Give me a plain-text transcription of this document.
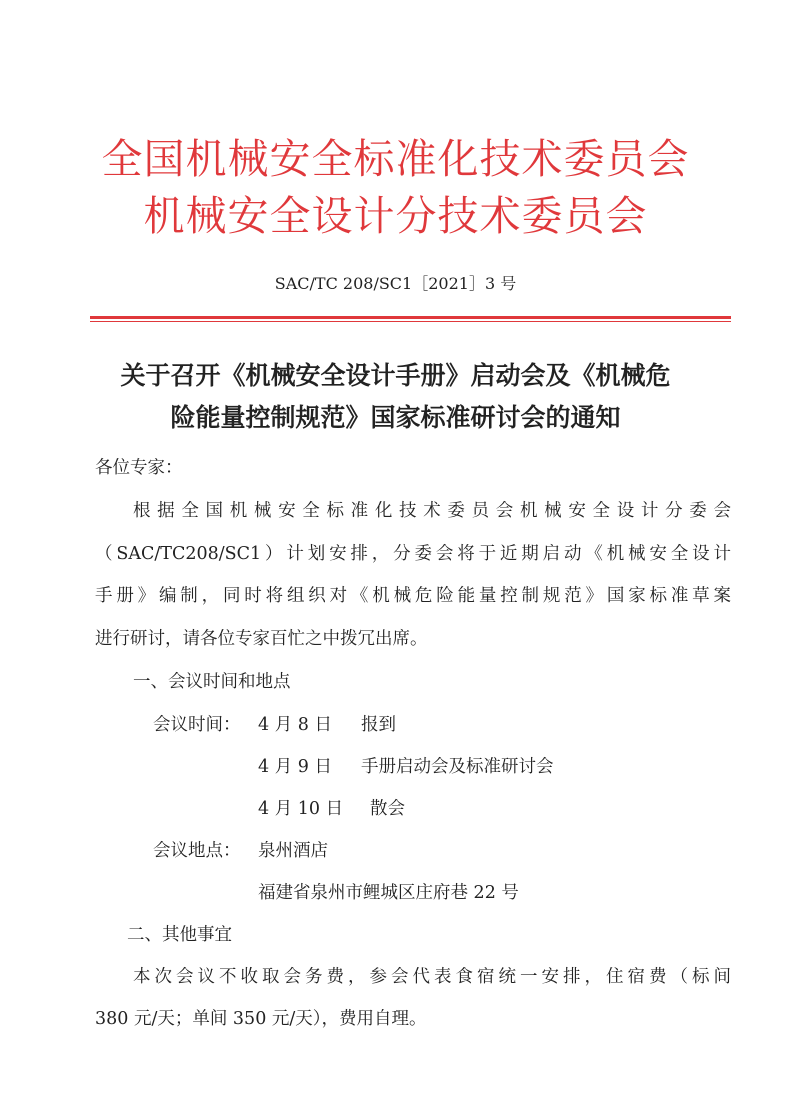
全国机械安全标准化技术委员会
机械安全设计分技术委员会
SAC/TC 208/SC1［2021］3 号
关于召开《机械安全设计手册》启动会及《机械危
险能量控制规范》国家标准研讨会的通知
各位专家：
根据全国机械安全标准化技术委员会机械安全设计分委会
（SAC/TC208/SC1）计划安排，分委会将于近期启动《机械安全设计
手册》编制，同时将组织对《机械危险能量控制规范》国家标准草案
进行研讨，请各位专家百忙之中拨冗出席。
一、会议时间和地点
会议时间： 4 月 8 日 报到
4 月 9 日 手册启动会及标准研讨会
4 月 10 日 散会
会议地点： 泉州酒店
福建省泉州市鲤城区庄府巷 22 号
二、其他事宜
本次会议不收取会务费，参会代表食宿统一安排，住宿费（标间
380 元/天；单间 350 元/天），费用自理。
